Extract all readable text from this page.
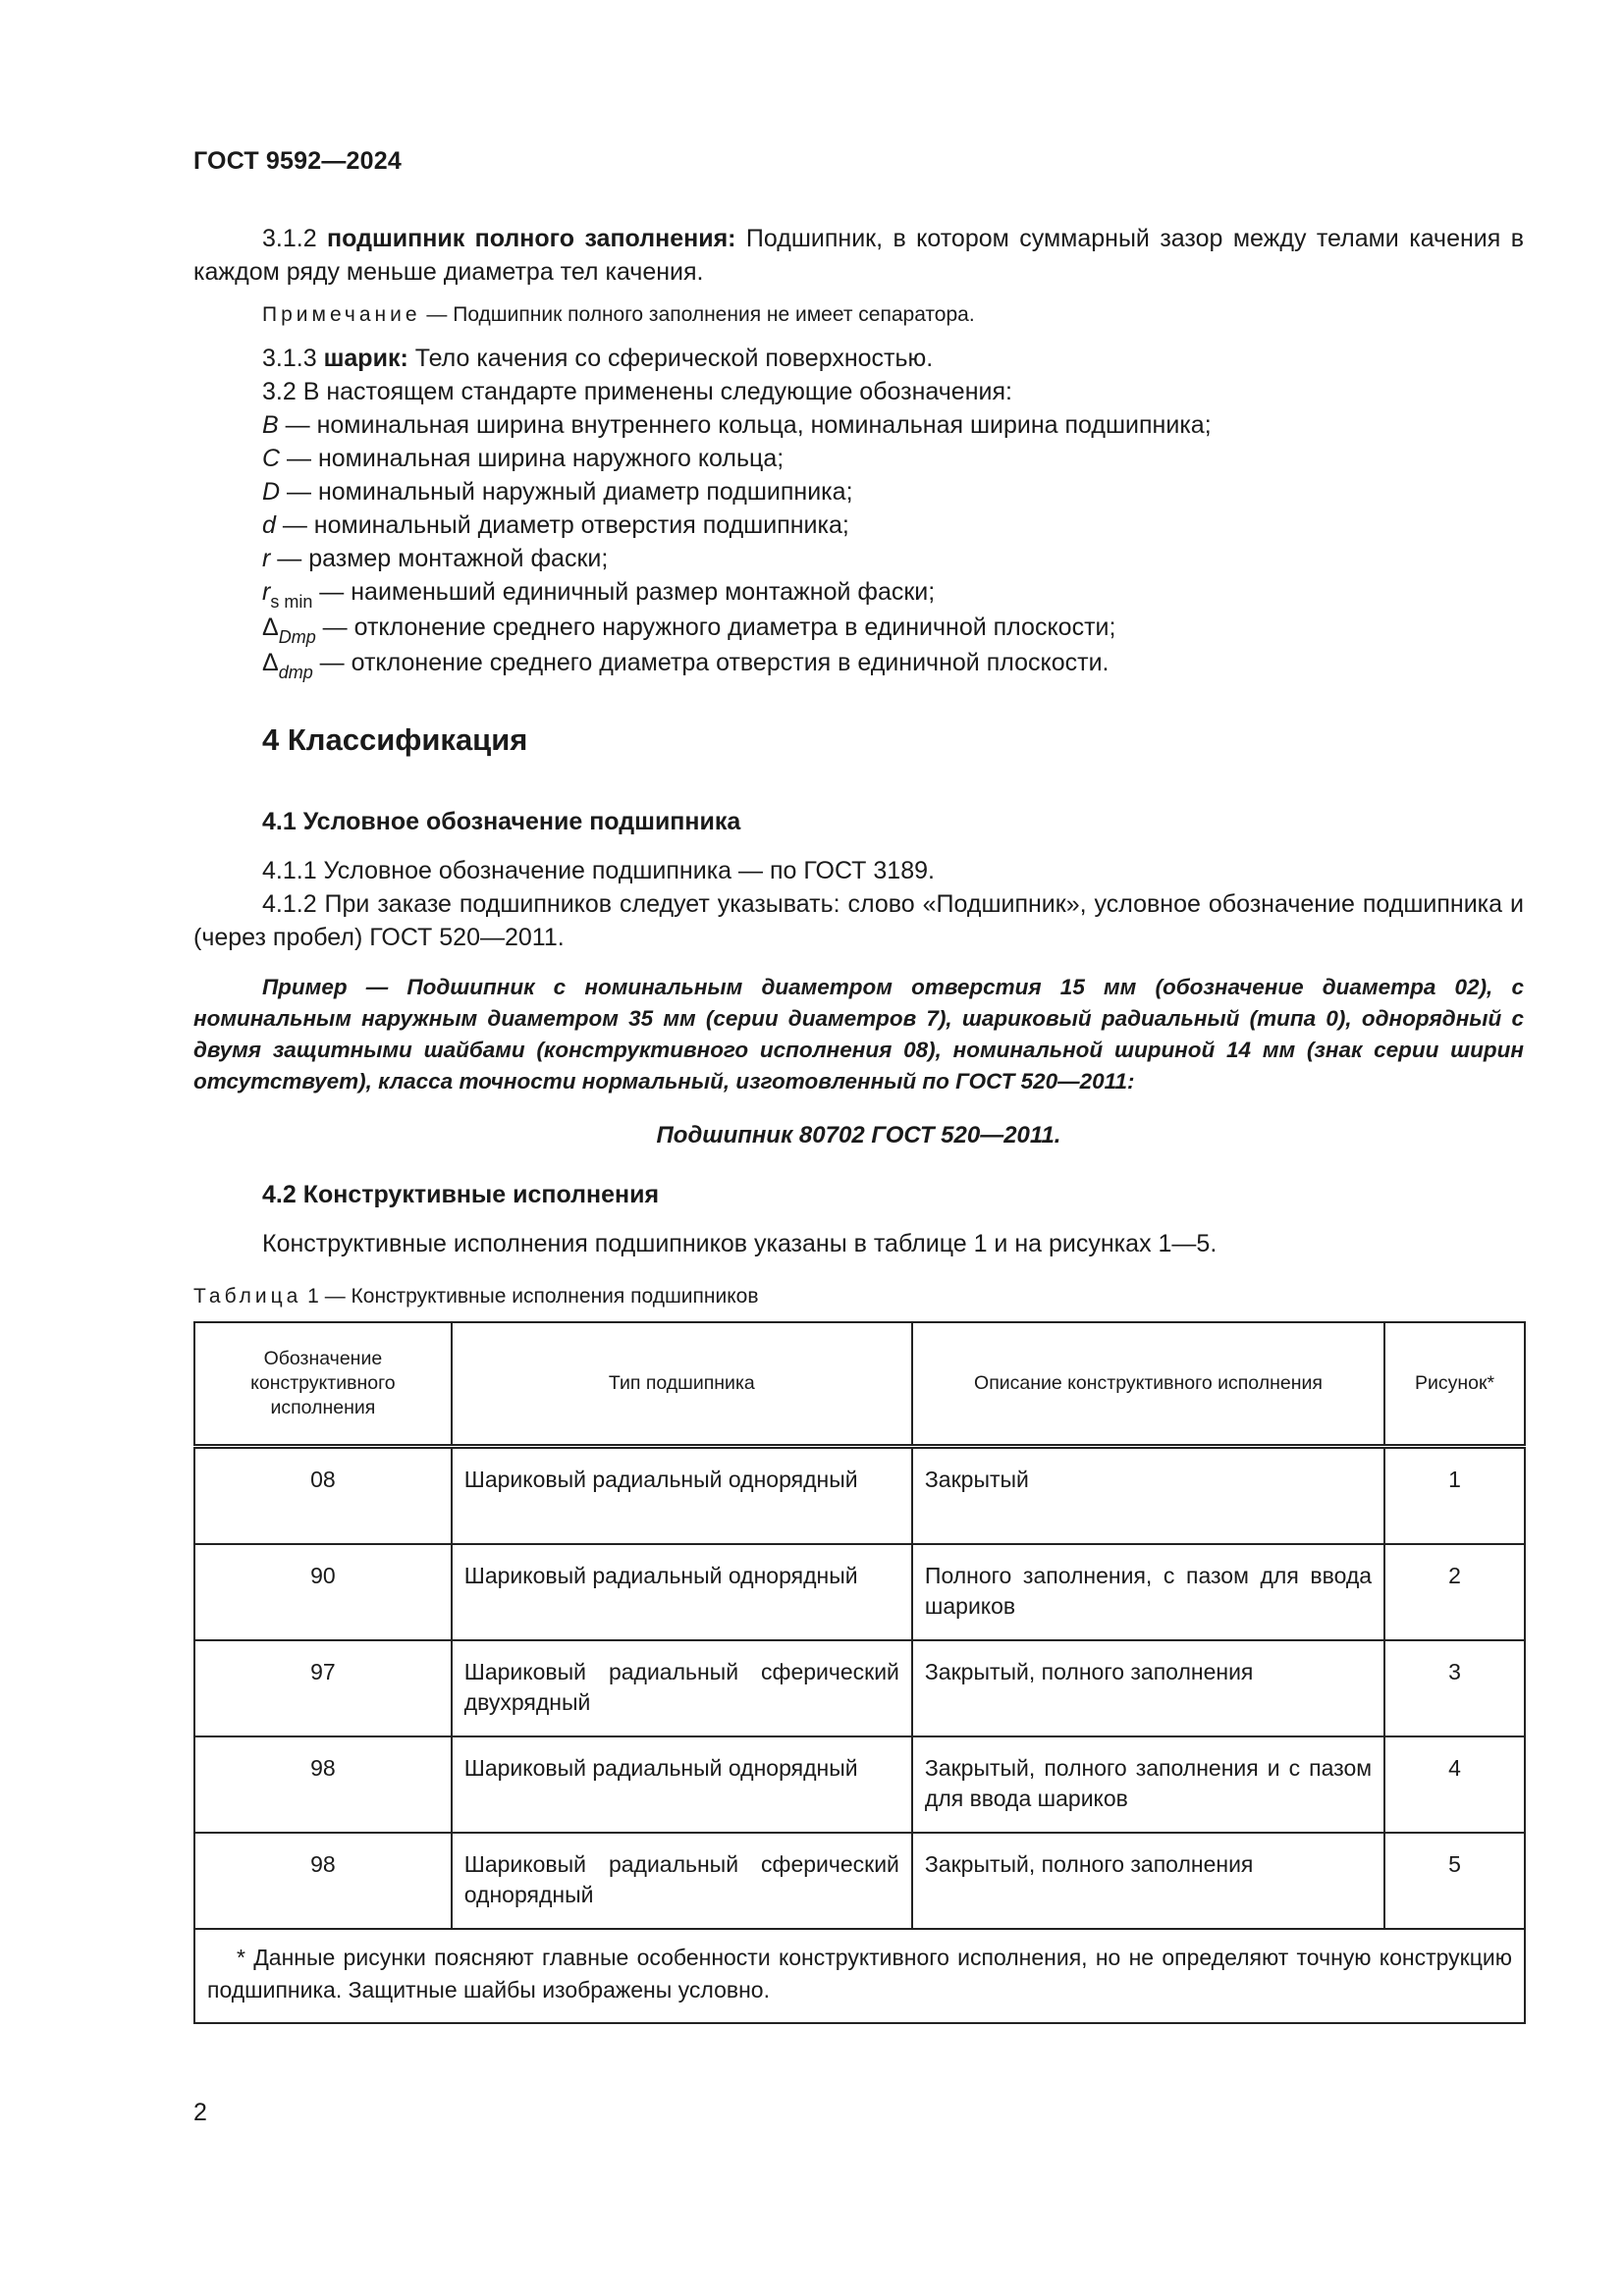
ГОСТ 9592—2024

3.1.2 подшипник полного заполнения: Подшипник, в котором суммарный зазор между телами качения в каждом ряду меньше диаметра тел качения.

Примечание — Подшипник полного заполнения не имеет сепаратора.

3.1.3 шарик: Тело качения со сферической поверхностью.

3.2 В настоящем стандарте применены следующие обозначения:

B — номинальная ширина внутреннего кольца, номинальная ширина подшипника;
C — номинальная ширина наружного кольца;
D — номинальный наружный диаметр подшипника;
d — номинальный диаметр отверстия подшипника;
r — размер монтажной фаски;
$r_{s min}$ — наименьший единичный размер монтажной фаски;
$\Delta_{Dmp}$ — отклонение среднего наружного диаметра в единичной плоскости;
$\Delta_{dmp}$ — отклонение среднего диаметра отверстия в единичной плоскости.
4 Классификация
4.1 Условное обозначение подшипника

4.1.1 Условное обозначение подшипника — по ГОСТ 3189.

4.1.2 При заказе подшипников следует указывать: слово «Подшипник», условное обозначение подшипника и (через пробел) ГОСТ 520—2011.

Пример — Подшипник с номинальным диаметром отверстия 15 мм (обозначение диаметра 02), с номинальным наружным диаметром 35 мм (серии диаметров 7), шариковый радиальный (типа 0), однорядный с двумя защитными шайбами (конструктивного исполнения 08), номинальной шириной 14 мм (знак серии ширин отсутствует), класса точности нормальный, изготовленный по ГОСТ 520—2011:

Подшипник 80702 ГОСТ 520—2011.

4.2 Конструктивные исполнения

Конструктивные исполнения подшипников указаны в таблице 1 и на рисунках 1—5.

Таблица 1 — Конструктивные исполнения подшипников
Обозначение конструктивного исполнения	Тип подшипника	Описание конструктивного исполнения	Рисунок*
08	Шариковый радиальный однорядный	Закрытый	1
90	Шариковый радиальный однорядный	Полного заполнения, с пазом для ввода шариков	2
97	Шариковый радиальный сферический двухрядный	Закрытый, полного заполнения	3
98	Шариковый радиальный однорядный	Закрытый, полного заполнения и с пазом для ввода шариков	4
98	Шариковый радиальный сферический однорядный	Закрытый, полного заполнения	5
* Данные рисунки поясняют главные особенности конструктивного исполнения, но не определяют точную конструкцию подшипника. Защитные шайбы изображены условно.			
2
